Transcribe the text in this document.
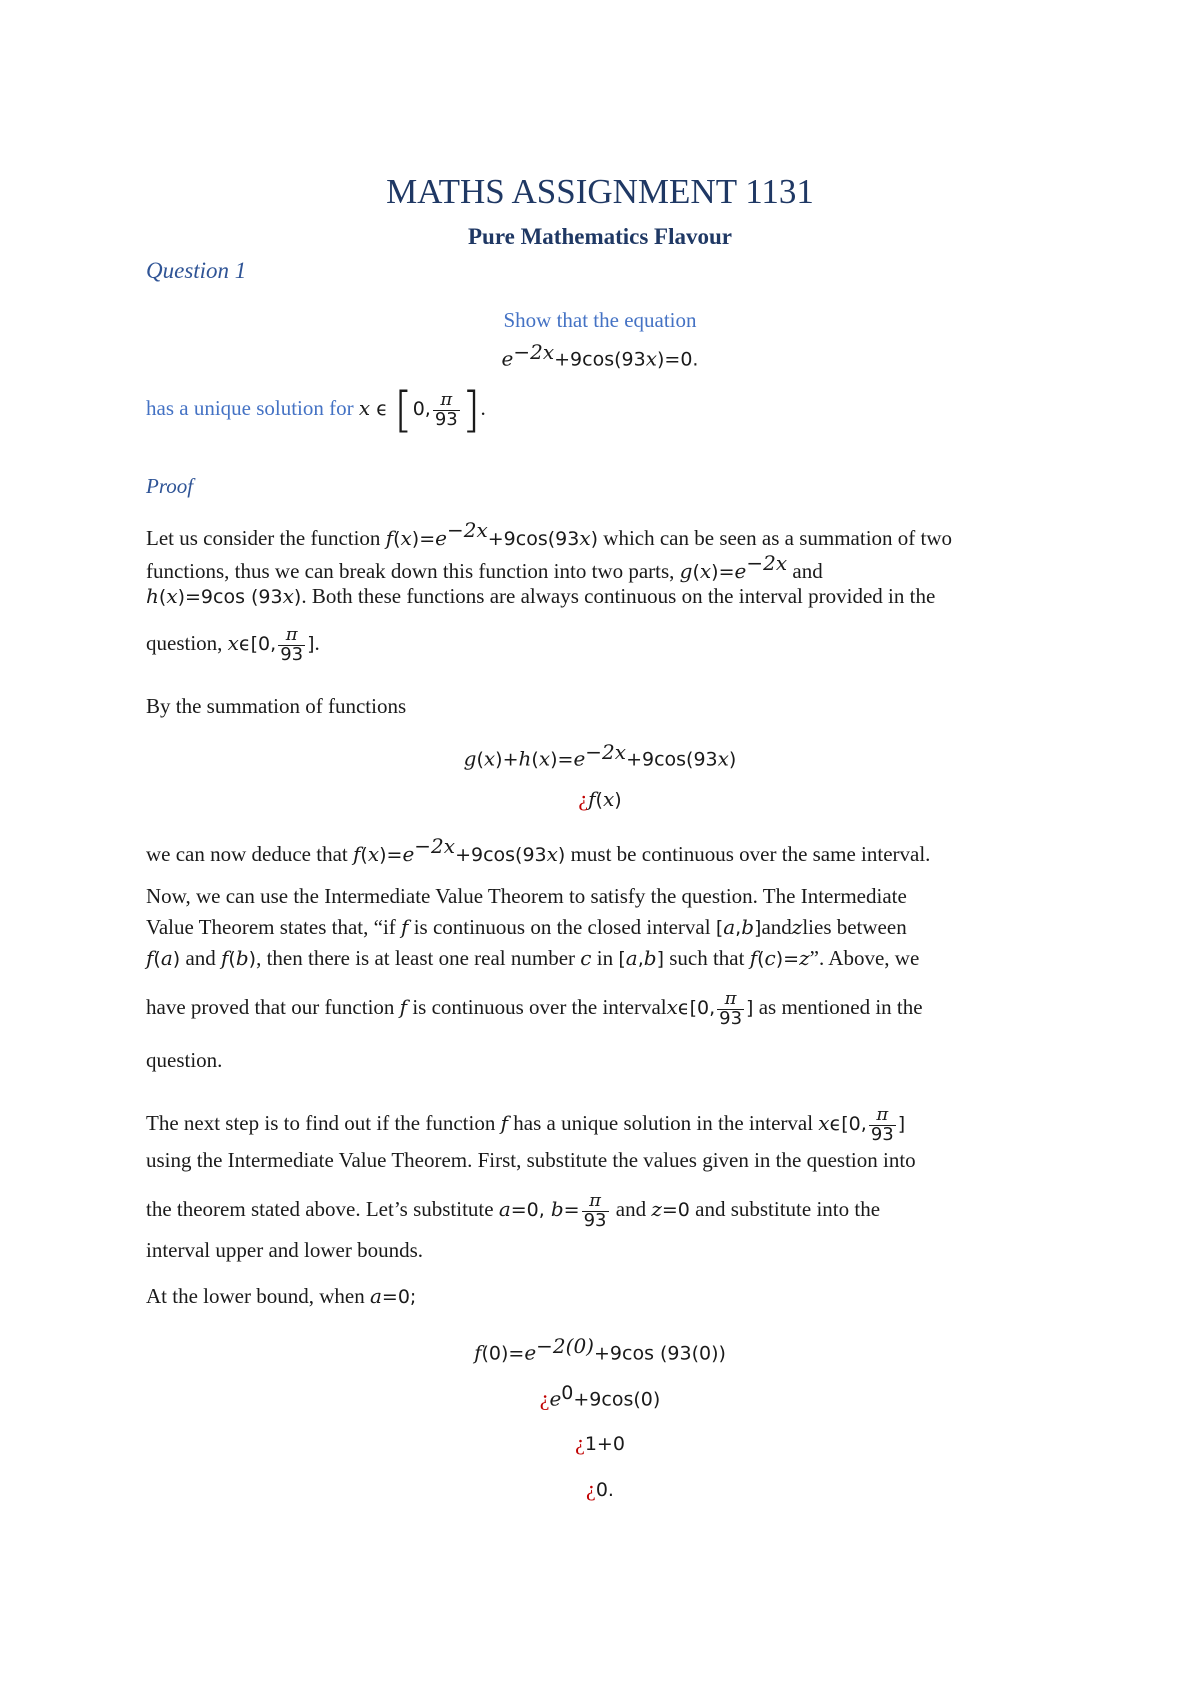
MATHS ASSIGNMENT 1131
Pure Mathematics Flavour
Question 1
Show that the equation
$e^{-2x}+9\cos(93x)=0$.
has a unique solution for x ϵ [0, $\frac{\pi}{93}$ ].
Proof
Let us consider the function $f(x)=e^{-2x}+9\cos(93x)$ which can be seen as a summation of two
functions, thus we can break down this function into two parts, $g(x)=e^{-2x}$ and
h(x)=9cos (93x). Both these functions are always continuous on the interval provided in the
question, xϵ[0, $\frac{\pi}{93}$ ].
By the summation of functions
$g(x)+h(x)=e^{-2x}+9\cos(93x)$
¿f(x)
we can now deduce that $f(x)=e^{-2x}+9\cos(93x)$ must be continuous over the same interval.
Now, we can use the Intermediate Value Theorem to satisfy the question. The Intermediate
Value Theorem states that, “if f is continuous on the closed interval [a,b]andzlies between
f(a) and f(b), then there is at least one real number c in [a,b] such that f(c)=z”. Above, we
have proved that our function f is continuous over the intervalxϵ[0, $\frac{\pi}{93}$ ] as mentioned in the
question.
The next step is to find out if the function f has a unique solution in the interval xϵ[0, $\frac{\pi}{93}$ ]
using the Intermediate Value Theorem. First, substitute the values given in the question into
the theorem stated above. Let’s substitute a=0, $b= \frac{\pi}{93}$ and z=0 and substitute into the
interval upper and lower bounds.
At the lower bound, when a=0;
$f(0)=e^{-2(0)}+9\cos$ (93(0))
¿$e^0+9\cos(0)$
¿1+0
¿0.
